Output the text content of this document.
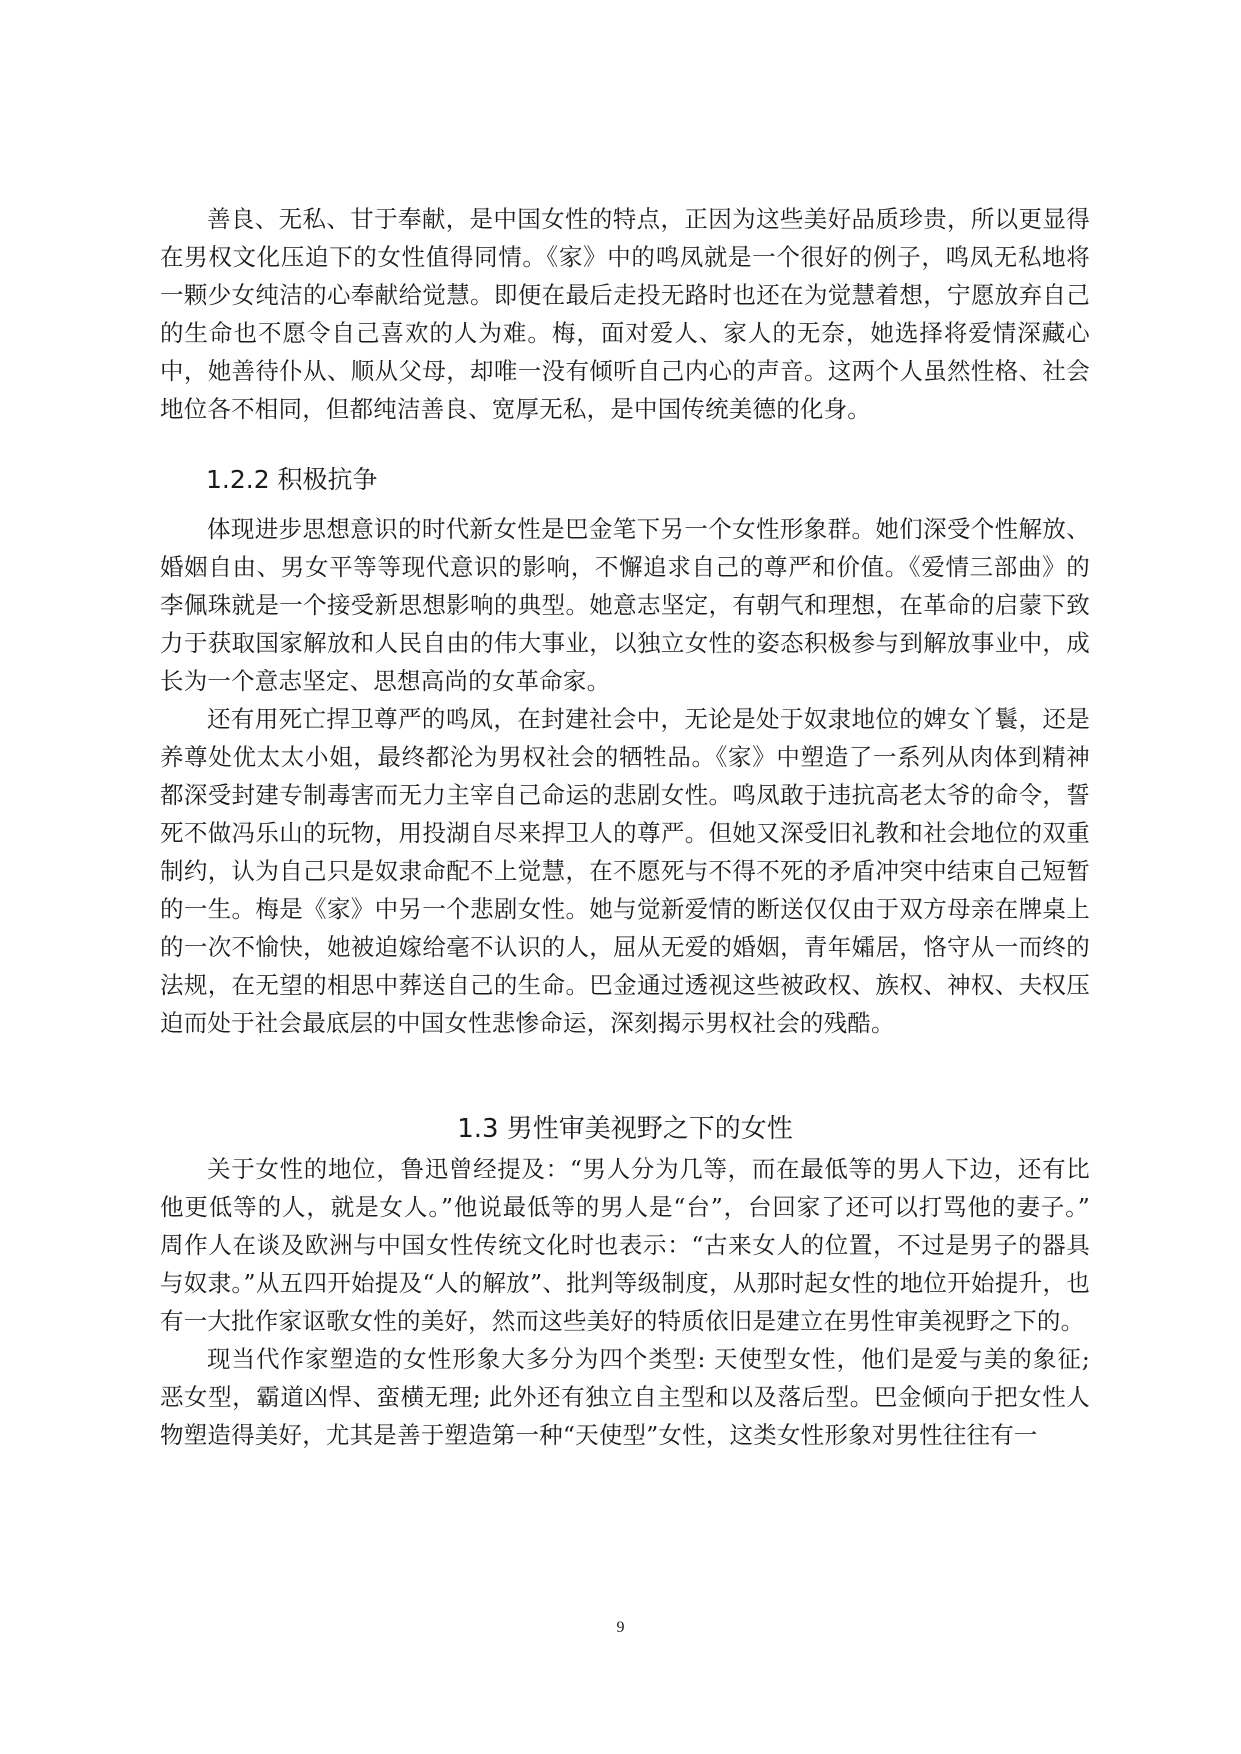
善良、无私、甘于奉献，是中国女性的特点，正因为这些美好品质珍贵，所以更显得在男权文化压迫下的女性值得同情。《家》中的鸣凤就是一个很好的例子，鸣凤无私地将一颗少女纯洁的心奉献给觉慧。即便在最后走投无路时也还在为觉慧着想，宁愿放弃自己的生命也不愿令自己喜欢的人为难。梅，面对爱人、家人的无奈，她选择将爱情深藏心中，她善待仆从、顺从父母，却唯一没有倾听自己内心的声音。这两个人虽然性格、社会地位各不相同，但都纯洁善良、宽厚无私，是中国传统美德的化身。

1.2.2 积极抗争

体现进步思想意识的时代新女性是巴金笔下另一个女性形象群。她们深受个性解放、婚姻自由、男女平等等现代意识的影响，不懈追求自己的尊严和价值。《爱情三部曲》的李佩珠就是一个接受新思想影响的典型。她意志坚定，有朝气和理想，在革命的启蒙下致力于获取国家解放和人民自由的伟大事业，以独立女性的姿态积极参与到解放事业中，成长为一个意志坚定、思想高尚的女革命家。

还有用死亡捍卫尊严的鸣凤，在封建社会中，无论是处于奴隶地位的婢女丫鬟，还是养尊处优太太小姐，最终都沦为男权社会的牺牲品。《家》中塑造了一系列从肉体到精神都深受封建专制毒害而无力主宰自己命运的悲剧女性。鸣凤敢于违抗高老太爷的命令，誓死不做冯乐山的玩物，用投湖自尽来捍卫人的尊严。但她又深受旧礼教和社会地位的双重制约，认为自己只是奴隶命配不上觉慧，在不愿死与不得不死的矛盾冲突中结束自己短暂的一生。梅是《家》中另一个悲剧女性。她与觉新爱情的断送仅仅由于双方母亲在牌桌上的一次不愉快，她被迫嫁给毫不认识的人，屈从无爱的婚姻，青年孀居，恪守从一而终的法规，在无望的相思中葬送自己的生命。巴金通过透视这些被政权、族权、神权、夫权压迫而处于社会最底层的中国女性悲惨命运，深刻揭示男权社会的残酷。

1.3 男性审美视野之下的女性

关于女性的地位，鲁迅曾经提及：“男人分为几等，而在最低等的男人下边，还有比他更低等的人，就是女人。”他说最低等的男人是“台”，台回家了还可以打骂他的妻子。” 周作人在谈及欧洲与中国女性传统文化时也表示：“古来女人的位置，不过是男子的器具与奴隶。”从五四开始提及“人的解放”、批判等级制度，从那时起女性的地位开始提升，也有一大批作家讴歌女性的美好，然而这些美好的特质依旧是建立在男性审美视野之下的。

现当代作家塑造的女性形象大多分为四个类型: 天使型女性，他们是爱与美的象征; 恶女型，霸道凶悍、蛮横无理; 此外还有独立自主型和以及落后型。巴金倾向于把女性人物塑造得美好，尤其是善于塑造第一种“天使型”女性，这类女性形象对男性往往有一

9
